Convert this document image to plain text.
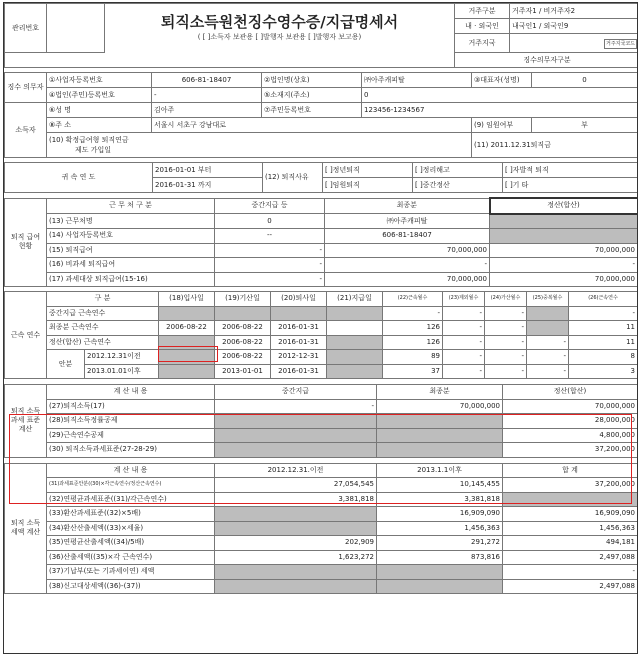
관리번호		퇴직소득원천징수영수증/지급명세서
( [ ]소득자 보관용 [ ]발행자 보관용 [ ]발행자 보고용)	거주구분	거주자1 / 비거주자2
			내 · 외국인	내국인1 / 외국인9
			거주지국	거주지국코드
			징수의무자구분	
징수 의무자	①사업자등록번호	606-81-18407	②법인명(상호)	㈜아주캐피탈	③대표자(성명)	0
	④법인(주민)등록번호	-	⑤소재지(주소)	0		
소득자	⑥성 명	김아주	⑦주민등록번호	123456-1234567		
	⑧주 소	서울시 서초구 강남대로			(9) 임원여부	부

	(10) 확정급여형 퇴직연금
제도 가입일				(11) 2011.12.31퇴직금	
귀 속 연 도	2016-01-01 부터	(12) 퇴직사유	[ ]정년퇴직	[ ]정리해고	[ ]자발적 퇴직
	2016-01-31 까지		[ ]임원퇴직	[ ]중간정산	[ ]기 타
퇴직 급여 현황	근 무 처 구 분	중간지급 등	최종분	정산(합산)
	(13) 근무처명	0	㈜아주캐피탈	
	(14) 사업자등록번호	--	606-81-18407	
	(15) 퇴직급여	-	70,000,000	70,000,000
	(16) 비과세 퇴직급여	-	-	-
	(17) 과세대상 퇴직급여(15-16)	-	70,000,000	70,000,000
근속 연수	구 분		(18)입사일	(19)기산일	(20)퇴사일	(21)지급일	(22)근속월수	(23)제외월수	(24)가산월수	(25)중복월수	(26)근속연수
	중간지급 근속연수						-	-	-		-
	최종분 근속연수		2006-08-22	2006-08-22	2016-01-31		126	-	-		11
	정산(합산) 근속연수			2006-08-22	2016-01-31		126	-	-	-	11
	안분	2012.12.31이전		2006-08-22	2012-12-31		89	-	-	-	8
		2013.01.01이후		2013-01-01	2016-01-31		37	-	-	-	3
퇴직 소득 과세 표준 계산	계 산 내 용	중간지급	최종분	정산(합산)
	(27)퇴직소득(17)	-	70,000,000	70,000,000
	(28)퇴직소득정률공제			28,000,000
	(29)근속연수공제			4,800,000
	(30) 퇴직소득과세표준(27-28-29)			37,200,000
퇴직 소득 세액 계산	계 산 내 용	2012.12.31.이전	2013.1.1이후	합 계
	(31)과세표준안분((30)×각근속연수/정산근속연수)	27,054,545	10,145,455	37,200,000
	(32)연평균과세표준((31)/각근속연수)	3,381,818	3,381,818	
	(33)환산과세표준((32)×5배)		16,909,090	16,909,090
	(34)환산산출세액((33)×세율)		1,456,363	1,456,363
	(35)연평균산출세액((34)/5배)	202,909	291,272	494,181
	(36)산출세액((35)×각 근속연수)	1,623,272	873,816	2,497,088
	(37)기납부(또는 기과세이연) 세액			-
	(38)신고대상세액((36)-(37))			2,497,088
